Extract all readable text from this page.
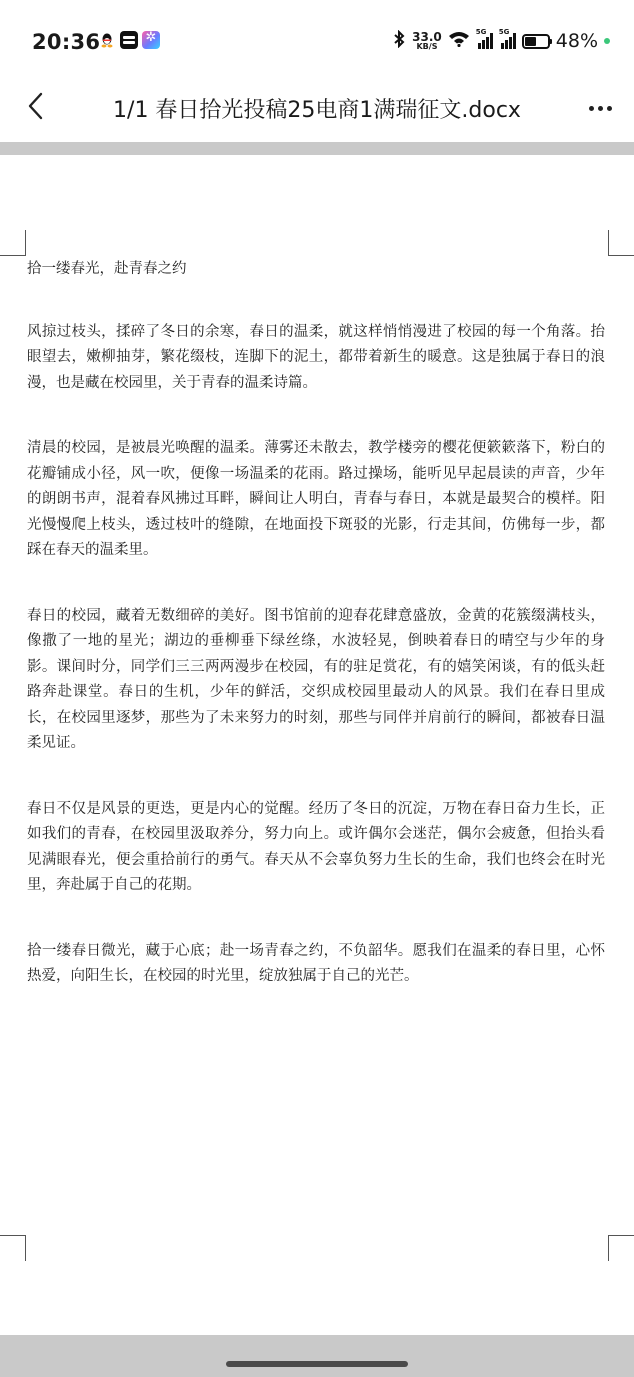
20:36
✲	33.0
KB/S
5G 5G 48%
1/1 春日拾光投稿25电商1满瑞征文.docx

拾一缕春光，赴青春之约

风掠过枝头，揉碎了冬日的余寒，春日的温柔，就这样悄悄漫进了校园的每一个角落。抬眼望去，嫩柳抽芽，繁花缀枝，连脚下的泥土，都带着新生的暖意。这是独属于春日的浪漫，也是藏在校园里，关于青春的温柔诗篇。

清晨的校园，是被晨光唤醒的温柔。薄雾还未散去，教学楼旁的樱花便簌簌落下，粉白的花瓣铺成小径，风一吹，便像一场温柔的花雨。路过操场，能听见早起晨读的声音，少年的朗朗书声，混着春风拂过耳畔，瞬间让人明白，青春与春日，本就是最契合的模样。阳光慢慢爬上枝头，透过枝叶的缝隙，在地面投下斑驳的光影，行走其间，仿佛每一步，都踩在春天的温柔里。

春日的校园，藏着无数细碎的美好。图书馆前的迎春花肆意盛放，金黄的花簇缀满枝头，像撒了一地的星光；湖边的垂柳垂下绿丝绦，水波轻晃，倒映着春日的晴空与少年的身影。课间时分，同学们三三两两漫步在校园，有的驻足赏花，有的嬉笑闲谈，有的低头赶路奔赴课堂。春日的生机，少年的鲜活，交织成校园里最动人的风景。我们在春日里成长，在校园里逐梦，那些为了未来努力的时刻，那些与同伴并肩前行的瞬间，都被春日温柔见证。

春日不仅是风景的更迭，更是内心的觉醒。经历了冬日的沉淀，万物在春日奋力生长，正如我们的青春，在校园里汲取养分，努力向上。或许偶尔会迷茫，偶尔会疲惫，但抬头看见满眼春光，便会重拾前行的勇气。春天从不会辜负努力生长的生命，我们也终会在时光里，奔赴属于自己的花期。

拾一缕春日微光，藏于心底；赴一场青春之约，不负韶华。愿我们在温柔的春日里，心怀热爱，向阳生长，在校园的时光里，绽放独属于自己的光芒。
